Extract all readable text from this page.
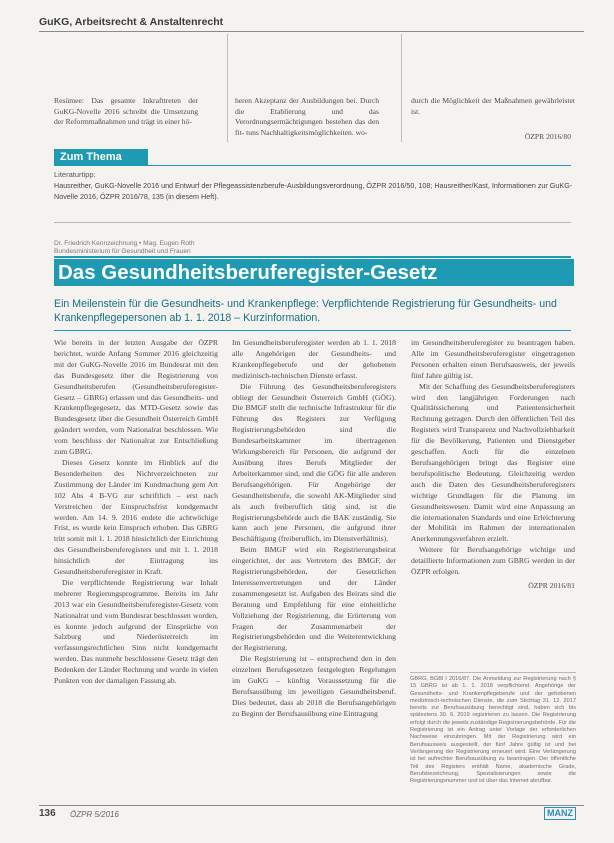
GuKG, Arbeitsrecht & Anstaltenrecht

Resümee: Das gesamte Inkrafttreten der GuKG-Novelle 2016 schreibt die Umsetzung der Reformmaßnahmen und trägt in einer hö-

heren Akzeptanz der Ausbildungen bei. Durch die Etablierung und das Verordnungsermächtigungen bestehen das den fit- tuns Nachhaltigkeitsmöglichkeiten. wo-

durch die Möglichkeit der Maßnahmen gewährleistet ist.

ÖZPR 2016/80
Zum Thema
Literaturtipp:
Hausreither, GuKG-Novelle 2016 und Entwurf der Pflegeassistenzberufe-Ausbildungsverordnung, ÖZPR 2016/50, 108; Hausreither/Kast, Informationen zur GuKG-Novelle 2016, ÖZPR 2016/78, 135 (in diesem Heft).
Dr. Friedrich Kennzeichnung • Mag. Eugen Roth
Bundesministerium für Gesundheit und Frauen
Das Gesundheitsberuferegister-Gesetz
Ein Meilenstein für die Gesundheits- und Krankenpflege: Verpflichtende Registrierung für Gesundheits- und Krankenpflegepersonen ab 1. 1. 2018 – Kurzinformation.

Wie bereits in der letzten Ausgabe der ÖZPR berichtet, wurde Anfang Sommer 2016 gleichzeitig mit der GuKG-Novelle 2016 im Bundesrat mit den das Bundesgesetz über die Registrierung von Gesundheitsberufen (Gesundheitsberuferegister-Gesetz – GBRG) erlassen und das Gesundheits- und Krankenpflegegesetz, das MTD-Gesetz sowie das Bundesgesetz über die Gesundheit Österreich GmbH geändert werden, vom Nationalrat beschlossen. Wie vom beschluss der Nationalrat zur Entschließung zum GBRG.

Dieses Gesetz konnte im Hinblick auf die Besonderheiten des Nichtverzeichneten zur Zustimmung der Länder im Kundmachung gem Art 102 Abs 4 B-VG zur schriftlich – erst nach Verstreichen der Einspruchsfrist kundgemacht werden. Am 14. 9. 2016 endete die achtwöchige Frist, es wurde kein Einspruch erhoben. Das GBRG tritt somit mit 1. 1. 2018 hinsichtlich der Einrichtung des Gesundheitsberuferegisters und mit 1. 1. 2018 hinsichtlich der Eintragung ins Gesundheitsberuferegister in Kraft.

Die verpflichtende Registrierung war Inhalt mehrerer Regierungsprogramme. Bereits im Jahr 2013 war ein Gesundheitsberuferegister-Gesetz vom Nationalrat und vom Bundesrat beschlossen worden, es konnte jedoch aufgrund der Einsprüche von Salzburg und Niederösterreich im verfassungsrechtlichen Sinn nicht kundgemacht werden. Das nunmehr beschlossene Gesetz trägt den Bedenken der Länder Rechnung und wurde in vielen Punkten von der damaligen Fassung ab.

Im Gesundheitsberuferegister werden ab 1. 1. 2018 alle Angehörigen der Gesundheits- und Krankenpflegeberufe und der gehobenen medizinisch-technischen Dienste erfasst.

Die Führung des Gesundheitsberuferegisters obliegt der Gesundheit Österreich GmbH (GÖG). Die BMGF stellt die technische Infrastruktur für die Führung des Registers zur Verfügung Registrierungsbehörden sind die Bundesarbeitskammer im übertragenen Wirkungsbereich für Personen, die aufgrund der Ausübung ihres Berufs Mitglieder der Arbeiterkammer sind, und die GÖG für alle anderen Berufsangehörigen. Für Angehörige der Gesundheitsberufe, die sowohl AK-Mitglieder sind als auch freiberuflich tätig sind, ist die Registrierungsbehörde auch die BAK zuständig. Sie kann auch jene Personen, die aufgrund ihrer Beschäftigung (freiberuflich, im Dienstverhältnis).

Beim BMGF wird ein Registrierungsbeirat eingerichtet, der aus Vertretern des BMGF, der Registrierungsbehörden, der Gesetzlichen Interessenvertretungen und der Länder zusammengesetzt ist. Aufgaben des Beirats sind die Beratung und Empfehlung für eine einheitliche Vollziehung der Registrierung, die Erörterung von Fragen der Zusammenarbeit der Registrierungsbehörden und die Weiterentwicklung der Registrierung.

Die Registrierung ist – entsprechend den in den einzelnen Berufsgesetzen festgelegten Regelungen im GuKG – künftig Voraussetzung für die Berufsausübung im jeweiligen Gesundheitsberuf. Dies bedeutet, dass ab 2018 die Berufsangehörigen zu Beginn der Berufsausübung eine Eintragung

im Gesundheitsberuferegister zu beantragen haben. Alle im Gesundheitsberuferegister eingetragenen Personen erhalten einen Berufsausweis, der jeweils fünf Jahre gültig ist.

Mit der Schaffung des Gesundheitsberuferegisters wird den langjährigen Forderungen nach Qualitätssicherung und Patientensicherheit Rechnung getragen. Durch den öffentlichen Teil des Registers wird Transparenz und Nachvollziehbarkeit für die Bevölkerung, Patienten und Dienstgeber geschaffen. Auch für die einzelnen Berufsangehörigen bringt das Register eine berufspolitische Bedeutung. Gleichzeitig werden auch die Daten des Gesundheitsberuferegisters wichtige Grundlagen für die Planung im Gesundheitswesen. Damit wird eine Anpassung an die internationalen Standards und eine Erleichterung der Mobilität im Rahmen der internationalen Anerkennungsverfahren erzielt.

Weitere für Berufsangehörige wichtige und detaillierte Informationen zum GBRG werden in der ÖZPR erfolgen.

ÖZPR 2016/81

GBRG, BGBl I 2016/87. Die Anmeldung zur Registrierung nach § 15 GBRG ist ab 1. 1. 2018 verpflichtend. Angehörige der Gesundheits- und Krankenpflegeberufe und der gehobenen medizinisch-technischen Dienste, die zum Stichtag 31. 12. 2017 bereits zur Berufsausübung berechtigt sind, haben sich bis spätestens 30. 6. 2019 registrieren zu lassen. Die Registrierung erfolgt durch die jeweils zuständige Registrierungsbehörde. Für die Registrierung ist ein Antrag unter Vorlage der erforderlichen Nachweise einzubringen. Mit der Registrierung wird ein Berufsausweis ausgestellt, der fünf Jahre gültig ist und bei Verlängerung der Registrierung erneuert wird. Eine Verlängerung ist bei aufrechter Berufsausübung zu beantragen. Der öffentliche Teil des Registers enthält Name, akademische Grade, Berufsbezeichnung, Spezialisierungen sowie die Registrierungsnummer und ist über das Internet abrufbar.
136 ÖZPR 5/2016	MANZ
